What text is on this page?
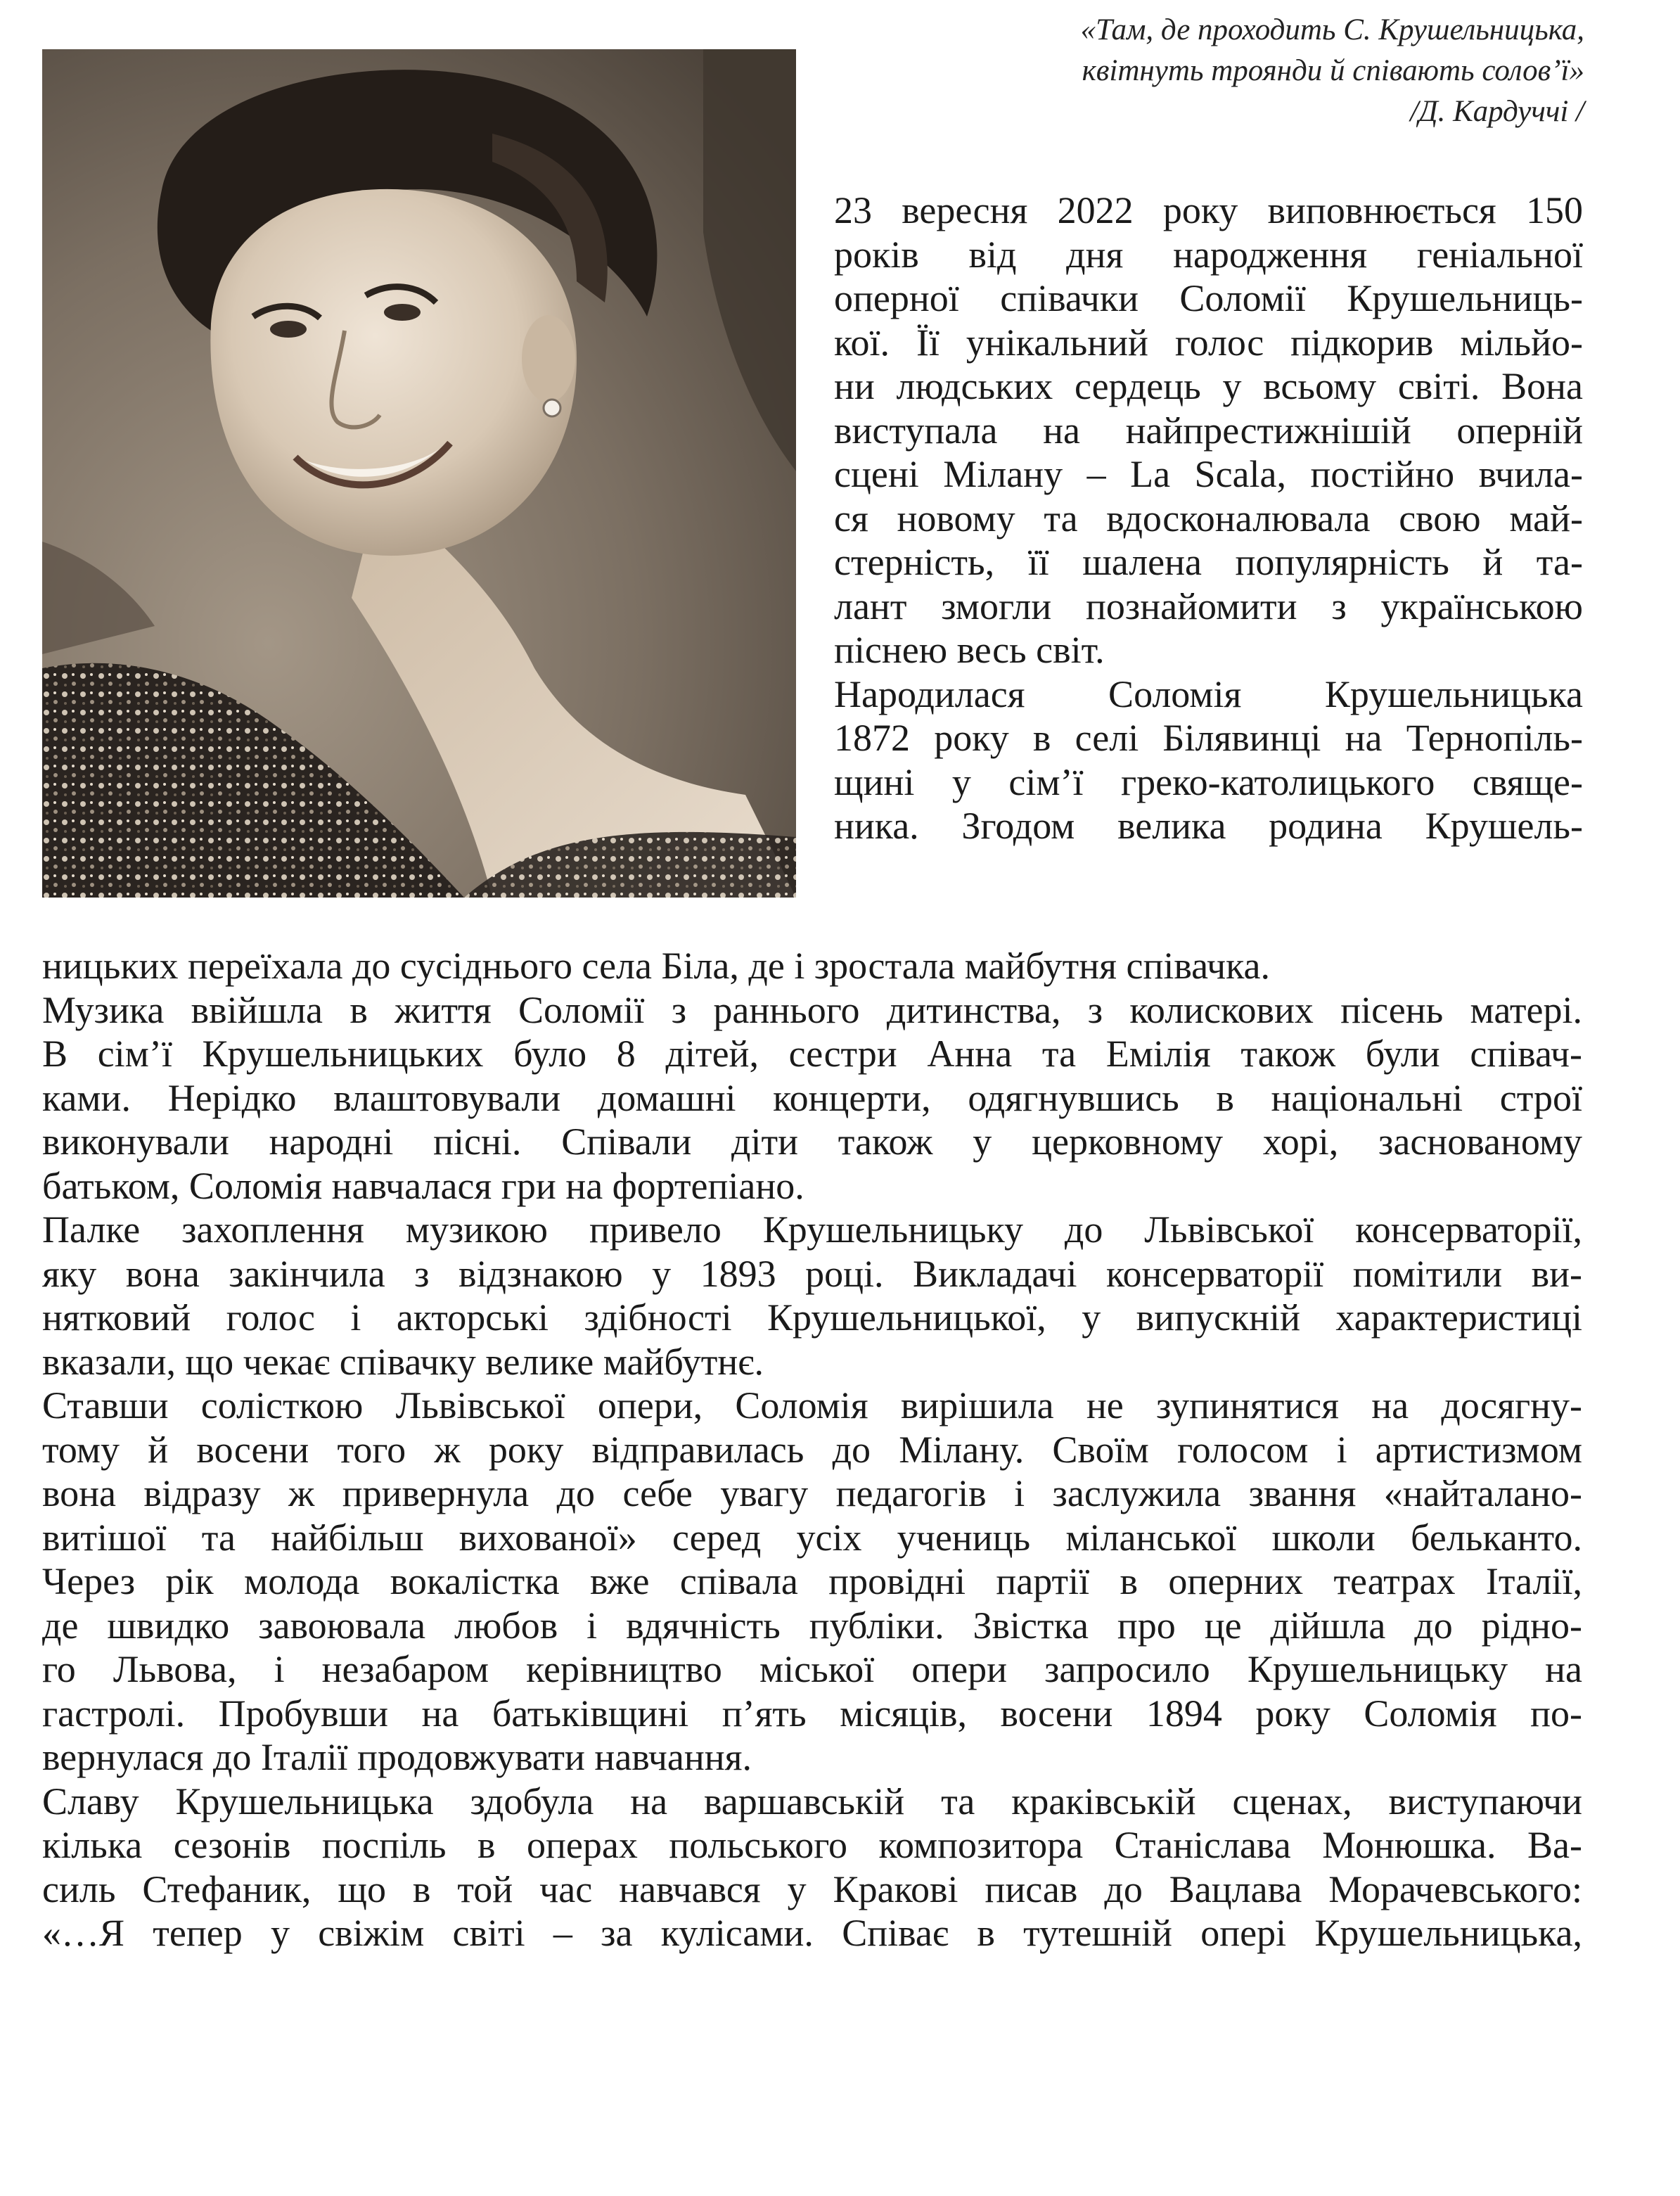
«Там, де проходить С. Крушельницька,
квітнуть троянди й співають солов’ї»
/Д. Кардуччі /
23 вересня 2022 року виповнюється 150
років від дня народження геніальної
оперної співачки Соломії Крушельниць-
кої. Її унікальний голос підкорив мільйо-
ни людських сердець у всьому світі. Вона
виступала на найпрестижнішій оперній
сцені Мілану – La Scala, постійно вчила-
ся новому та вдосконалювала свою май-
стерність, її шалена популярність й та-
лант змогли познайомити з українською
піснею весь світ.
Народилася Соломія Крушельницька
1872 року в селі Білявинці на Тернопіль-
щині у сім’ї греко-католицького свяще-
ника. Згодом велика родина Крушель-
ницьких переїхала до сусіднього села Біла, де і зростала майбутня співачка.
Музика ввійшла в життя Соломії з раннього дитинства, з колискових пісень матері.
В сім’ї Крушельницьких було 8 дітей, сестри Анна та Емілія також були співач-
ками. Нерідко влаштовували домашні концерти, одягнувшись в національні строї
виконували народні пісні. Співали діти також у церковному хорі, заснованому
батьком, Соломія навчалася гри на фортепіано.
Палке захоплення музикою привело Крушельницьку до Львівської консерваторії,
яку вона закінчила з відзнакою у 1893 році. Викладачі консерваторії помітили ви-
нятковий голос і акторські здібності Крушельницької, у випускній характеристиці
вказали, що чекає співачку велике майбутнє.
Ставши солісткою Львівської опери, Соломія вирішила не зупинятися на досягну-
тому й восени того ж року відправилась до Мілану. Своїм голосом і артистизмом
вона відразу ж привернула до себе увагу педагогів і заслужила звання «найталано-
витішої та найбільш вихованої» серед усіх учениць міланської школи бельканто.
Через рік молода вокалістка вже співала провідні партії в оперних театрах Італії,
де швидко завоювала любов і вдячність публіки. Звістка про це дійшла до рідно-
го Львова, і незабаром керівництво міської опери запросило Крушельницьку на
гастролі. Пробувши на батьківщині п’ять місяців, восени 1894 року Соломія по-
вернулася до Італії продовжувати навчання.
Славу Крушельницька здобула на варшавській та краківській сценах, виступаючи
кілька сезонів поспіль в операх польського композитора Станіслава Монюшка. Ва-
силь Стефаник, що в той час навчався у Кракові писав до Вацлава Морачевського:
«…Я тепер у свіжім світі – за кулісами. Співає в тутешній опері Крушельницька,
